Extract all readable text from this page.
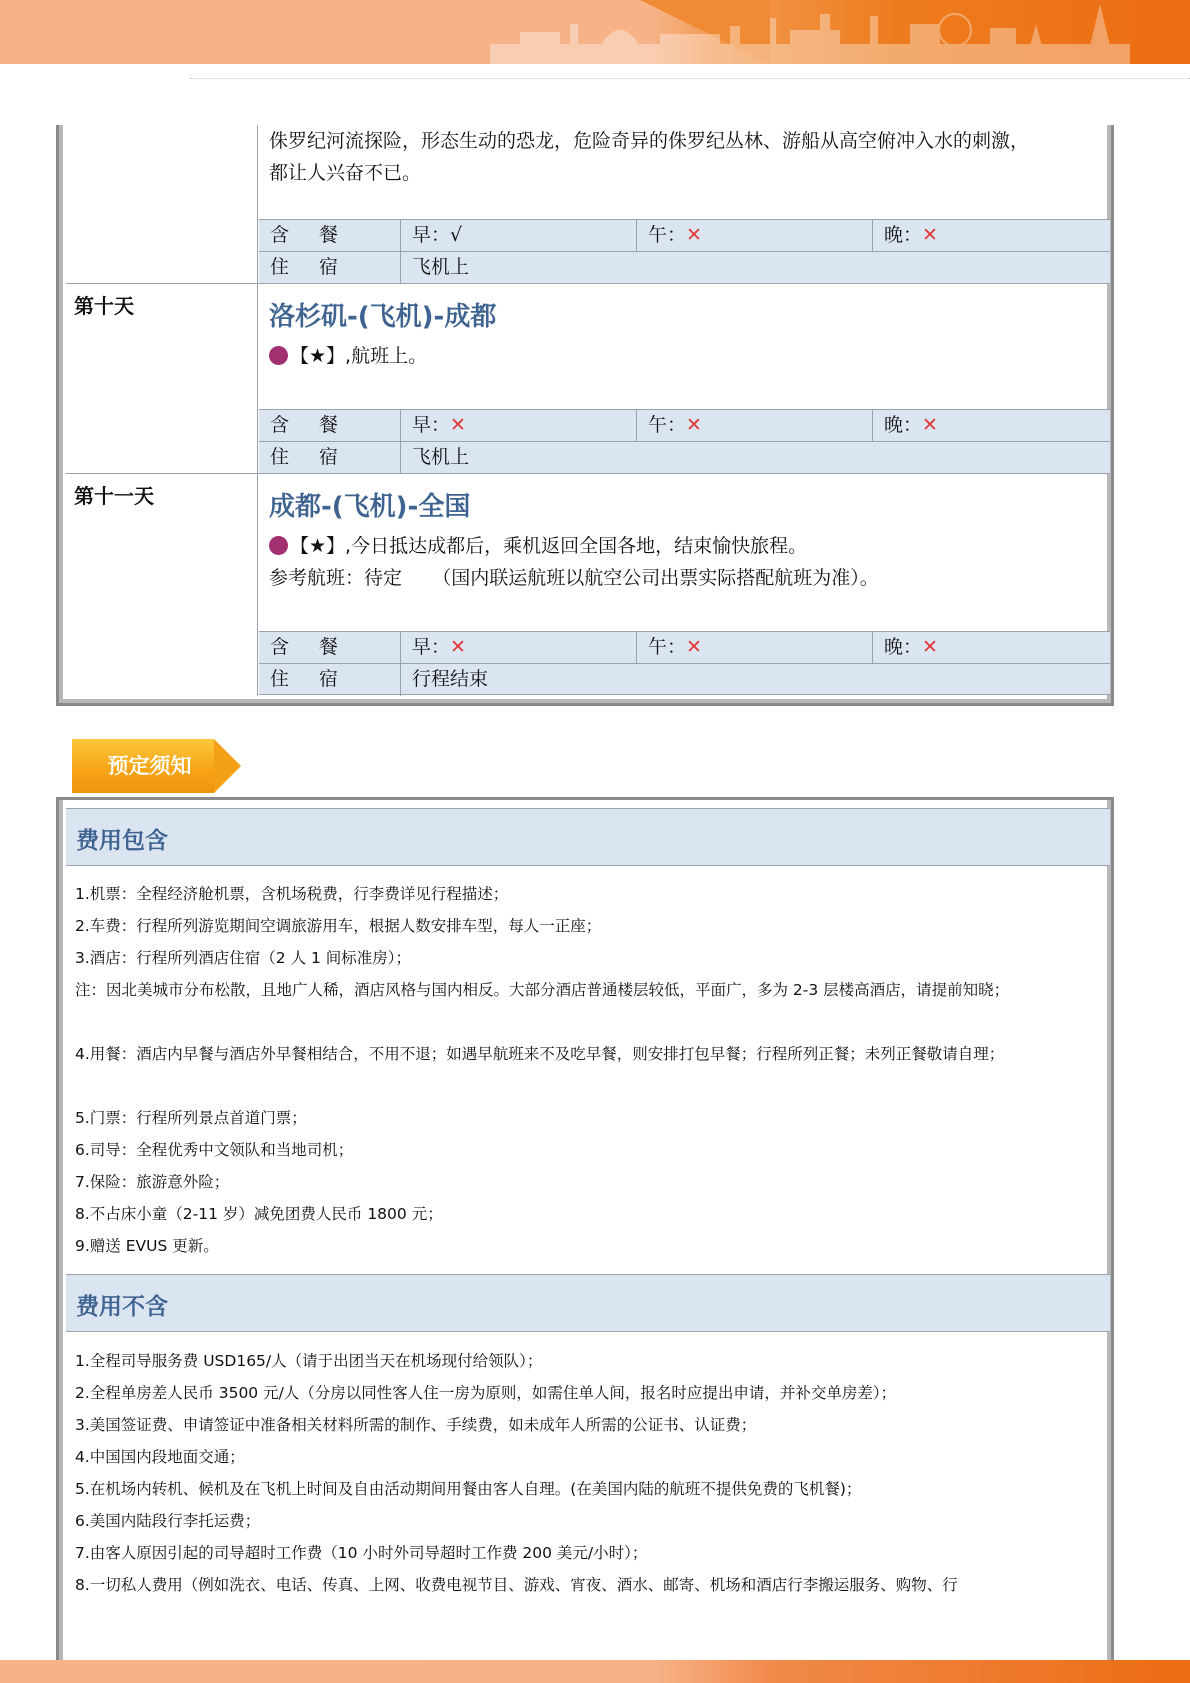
侏罗纪河流探险，形态生动的恐龙，危险奇异的侏罗纪丛林、游船从高空俯冲入水的刺激，
都让人兴奋不已。
含 餐	早：√	午：✕	晚：✕
住 宿	飞机上
第十天	洛杉矶-(飞机)-成都
【★】,航班上。
含 餐	早：✕	午：✕	晚：✕
住 宿	飞机上
第十一天	成都-(飞机)-全国
【★】,今日抵达成都后，乘机返回全国各地，结束愉快旅程。
参考航班：待定     （国内联运航班以航空公司出票实际搭配航班为准）。
含 餐	早：✕	午：✕	晚：✕
住 宿	行程结束
预定须知
费用包含
1.机票：全程经济舱机票，含机场税费，行李费详见行程描述；
2.车费：行程所列游览期间空调旅游用车，根据人数安排车型，每人一正座；
3.酒店：行程所列酒店住宿（2 人 1 间标准房）；
注：因北美城市分布松散，且地广人稀，酒店风格与国内相反。大部分酒店普通楼层较低，平面广，多为 2-3 层楼高酒店，请提前知晓；
4.用餐：酒店内早餐与酒店外早餐相结合，不用不退；如遇早航班来不及吃早餐，则安排打包早餐；行程所列正餐；未列正餐敬请自理；
5.门票：行程所列景点首道门票；
6.司导：全程优秀中文领队和当地司机；
7.保险：旅游意外险；
8.不占床小童（2-11 岁）减免团费人民币 1800 元；
9.赠送 EVUS 更新。
费用不含
1.全程司导服务费 USD165/人（请于出团当天在机场现付给领队）；
2.全程单房差人民币 3500 元/人（分房以同性客人住一房为原则，如需住单人间，报名时应提出申请，并补交单房差）；
3.美国签证费、申请签证中准备相关材料所需的制作、手续费，如未成年人所需的公证书、认证费；
4.中国国内段地面交通；
5.在机场内转机、候机及在飞机上时间及自由活动期间用餐由客人自理。(在美国内陆的航班不提供免费的飞机餐)；
6.美国内陆段行李托运费；
7.由客人原因引起的司导超时工作费（10 小时外司导超时工作费 200 美元/小时）；
8.一切私人费用（例如洗衣、电话、传真、上网、收费电视节目、游戏、宵夜、酒水、邮寄、机场和酒店行李搬运服务、购物、行
